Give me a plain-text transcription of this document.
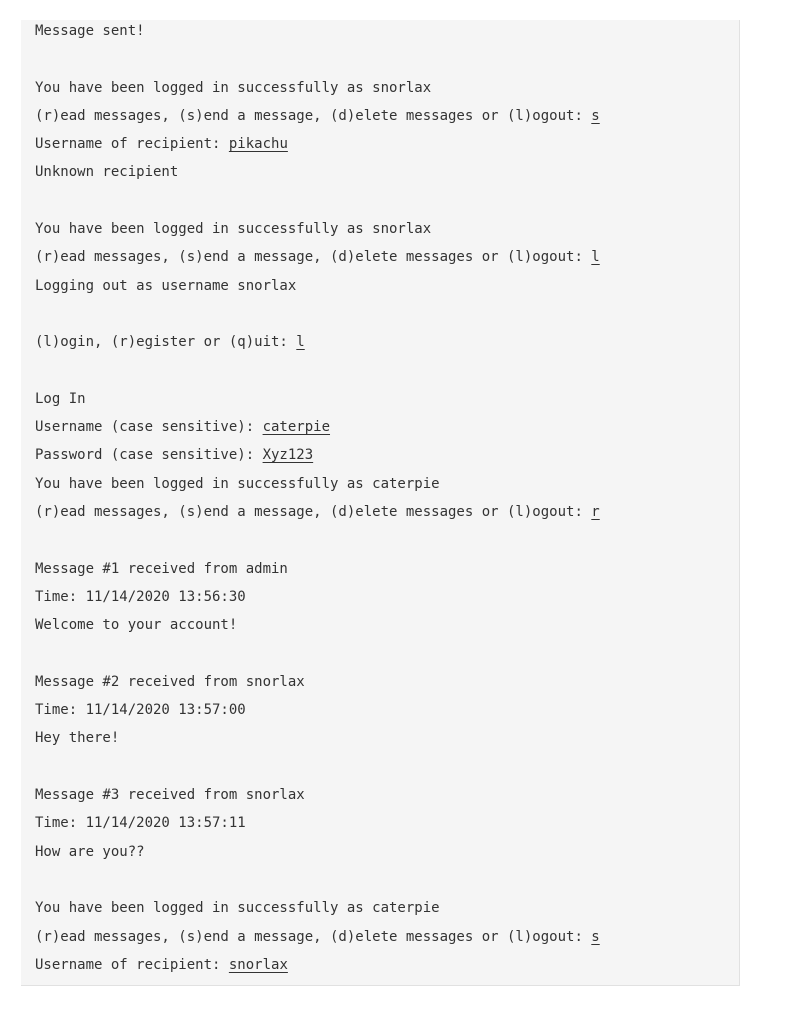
Message sent!
You have been logged in successfully as snorlax
(r)ead messages, (s)end a message, (d)elete messages or (l)ogout: s
Username of recipient: pikachu
Unknown recipient
You have been logged in successfully as snorlax
(r)ead messages, (s)end a message, (d)elete messages or (l)ogout: l
Logging out as username snorlax
(l)ogin, (r)egister or (q)uit: l
Log In
Username (case sensitive): caterpie
Password (case sensitive): Xyz123
You have been logged in successfully as caterpie
(r)ead messages, (s)end a message, (d)elete messages or (l)ogout: r
Message #1 received from admin
Time: 11/14/2020 13:56:30
Welcome to your account!
Message #2 received from snorlax
Time: 11/14/2020 13:57:00
Hey there!
Message #3 received from snorlax
Time: 11/14/2020 13:57:11
How are you??
You have been logged in successfully as caterpie
(r)ead messages, (s)end a message, (d)elete messages or (l)ogout: s
Username of recipient: snorlax
